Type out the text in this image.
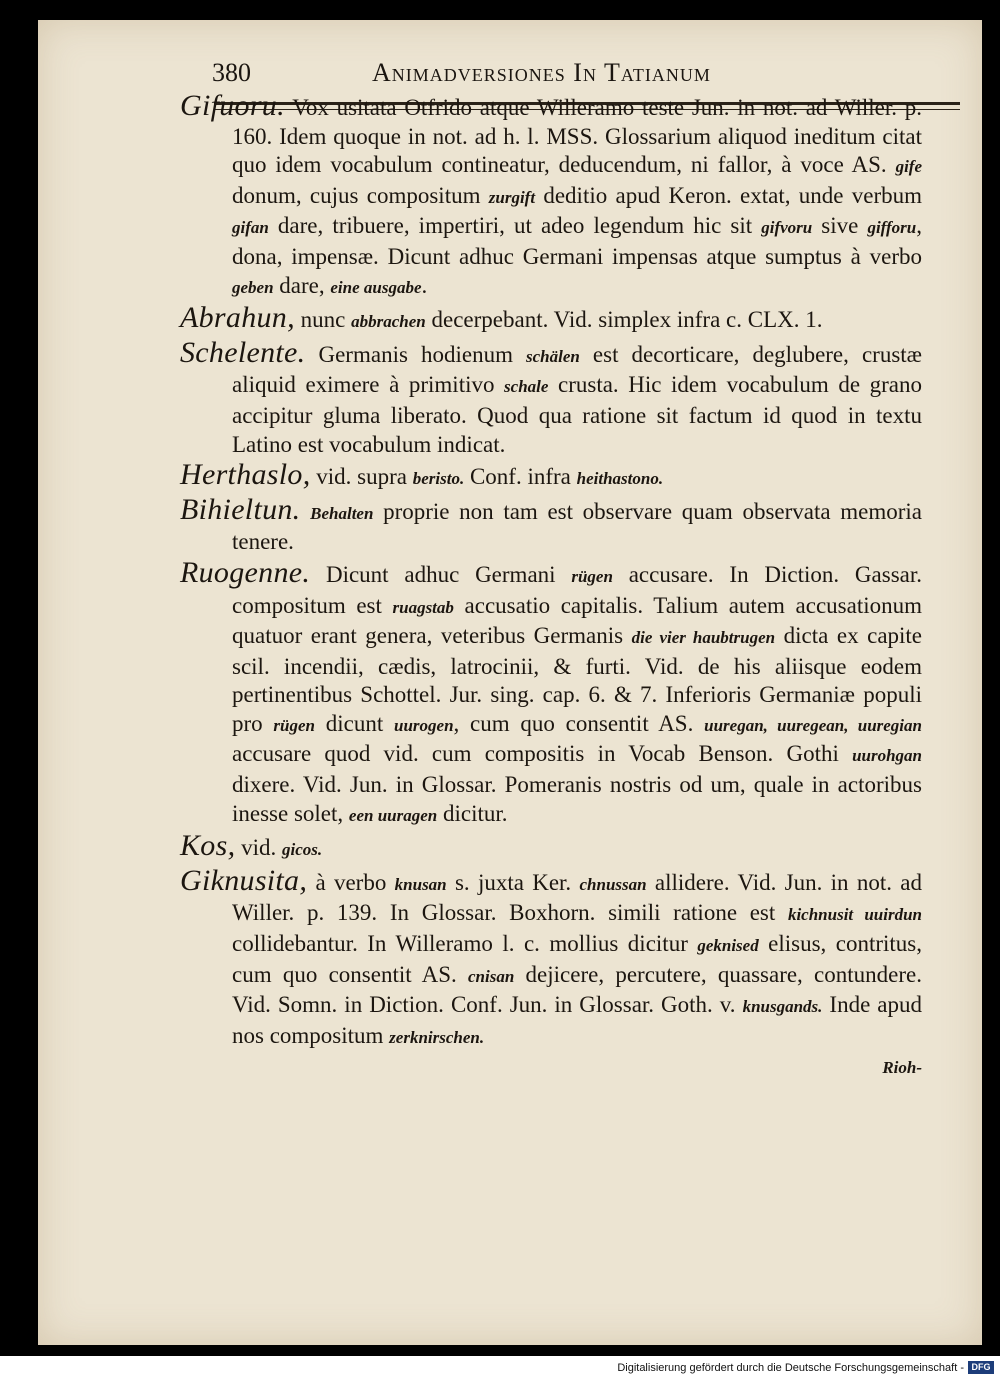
380	Animadversiones In Tatianum

Gifuoru. Vox usitata Otfrido atque Willeramo teste Jun. in not. ad Willer. p. 160. Idem quoque in not. ad h. l. MSS. Glossarium aliquod ineditum citat quo idem vocabulum contineatur, deducendum, ni fallor, à voce AS. gife donum, cujus compositum zurgift deditio apud Keron. extat, unde verbum gifan dare, tribuere, impertiri, ut adeo legendum hic sit gifvoru sive gifforu, dona, impensæ. Dicunt adhuc Germani impensas atque sumptus à verbo geben dare, eine ausgabe.

Abrahun, nunc abbrachen decerpebant. Vid. simplex infra c. CLX. 1.

Schelente. Germanis hodienum schälen est decorticare, deglubere, crustæ aliquid eximere à primitivo schale crusta. Hic idem vocabulum de grano accipitur gluma liberato. Quod qua ratione sit factum id quod in textu Latino est vocabulum indicat.

Herthaslo, vid. supra beristo. Conf. infra heithastono.

Bihieltun. Behalten proprie non tam est observare quam observata memoria tenere.

Ruogenne. Dicunt adhuc Germani rügen accusare. In Diction. Gassar. compositum est ruagstab accusatio capitalis. Talium autem accusationum quatuor erant genera, veteribus Germanis die vier haubtrugen dicta ex capite scil. incendii, cædis, latrocinii, & furti. Vid. de his aliisque eodem pertinentibus Schottel. Jur. sing. cap. 6. & 7. Inferioris Germaniæ populi pro rügen dicunt uurogen, cum quo consentit AS. uuregan, uuregean, uuregian accusare quod vid. cum compositis in Vocab Benson. Gothi uurohgan dixere. Vid. Jun. in Glossar. Pomeranis nostris od um, quale in actoribus inesse solet, een uuragen dicitur.

Kos, vid. gicos.

Giknusita, à verbo knusan s. juxta Ker. chnussan allidere. Vid. Jun. in not. ad Willer. p. 139. In Glossar. Boxhorn. simili ratione est kichnusit uuirdun collidebantur. In Willeramo l. c. mollius dicitur geknised elisus, contritus, cum quo consentit AS. cnisan dejicere, percutere, quassare, contundere. Vid. Somn. in Diction. Conf. Jun. in Glossar. Goth. v. knusgands. Inde apud nos compositum zerknirschen.

Rioh-
Digitalisierung gefördert durch die Deutsche Forschungsgemeinschaft - DFG
